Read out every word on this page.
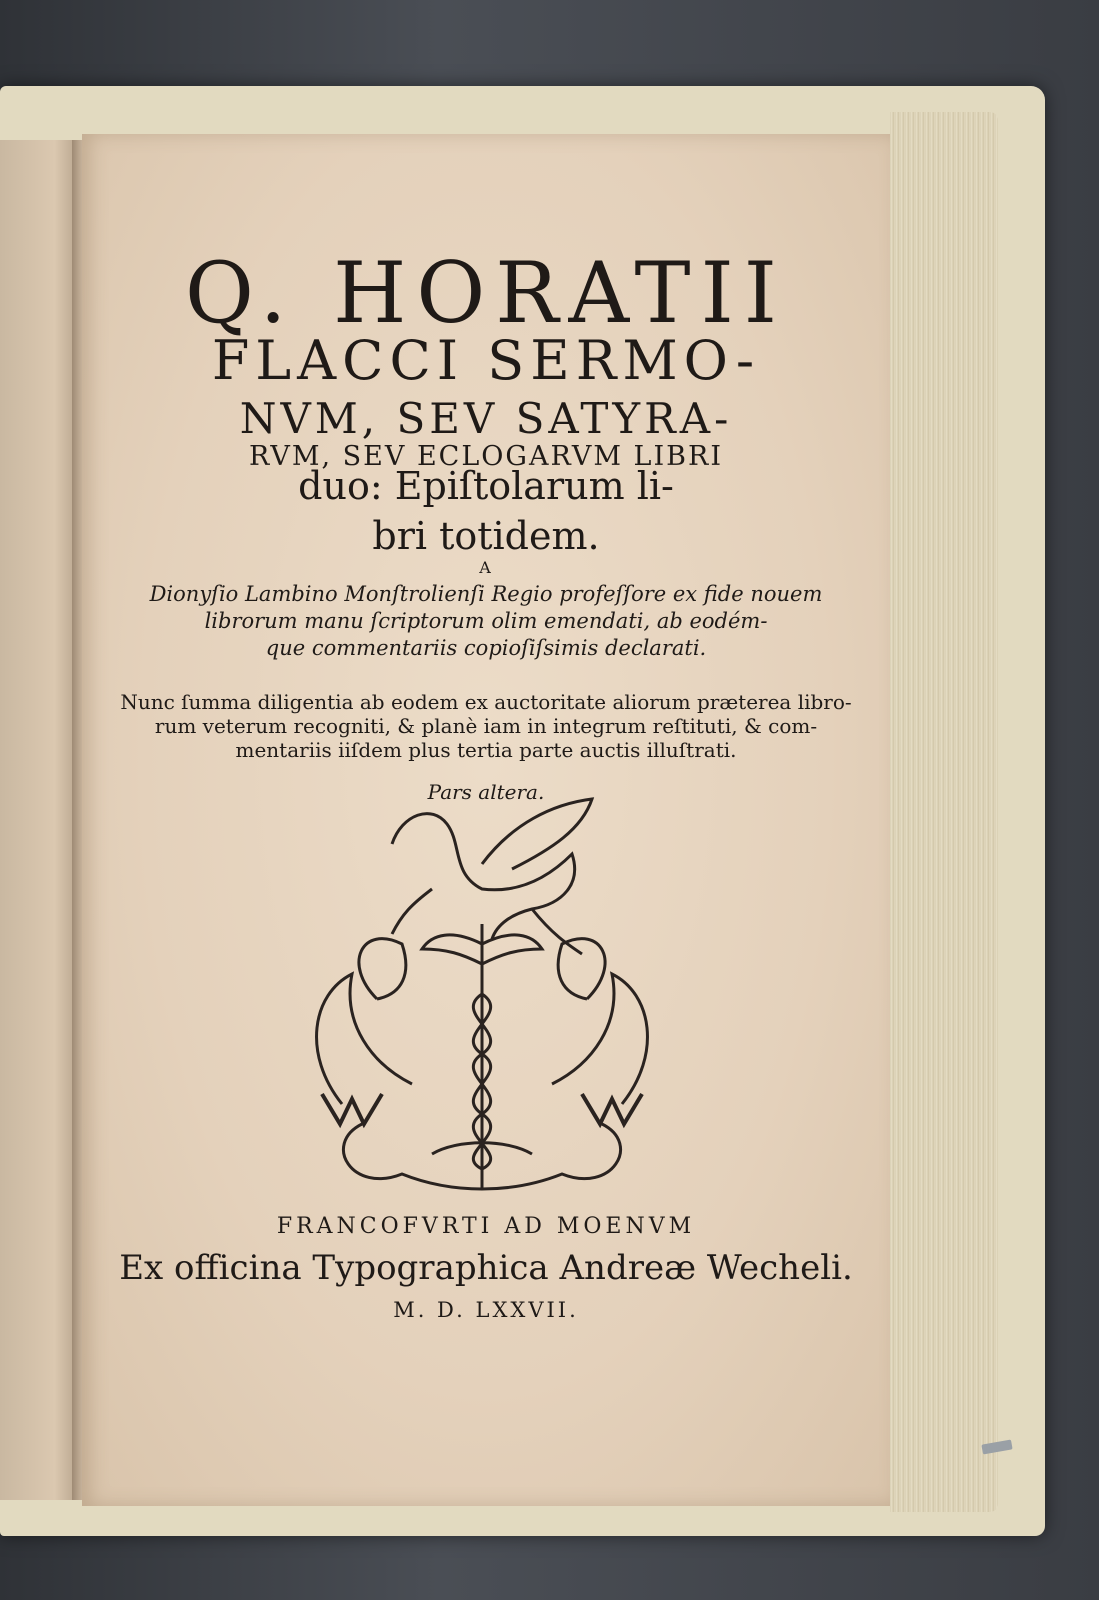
Q. HORATII
FLACCI SERMO-
NVM, SEV SATYRA-
RVM, SEV ECLOGARVM LIBRI
duo: Epiſtolarum li-
bri totidem.
A
Dionyſio Lambino Monſtrolienſi Regio profeſſore ex fide nouem
librorum manu ſcriptorum olim emendati, ab eodém-
que commentariis copioſiſsimis declarati.
Nunc ſumma diligentia ab eodem ex auctoritate aliorum præterea libro-
rum veterum recogniti, & planè iam in integrum reſtituti, & com-
mentariis iiſdem plus tertia parte auctis illuſtrati.
Pars altera.
FRANCOFVRTI AD MOENVM
Ex officina Typographica Andreæ Wecheli.
M. D. LXXVII.
